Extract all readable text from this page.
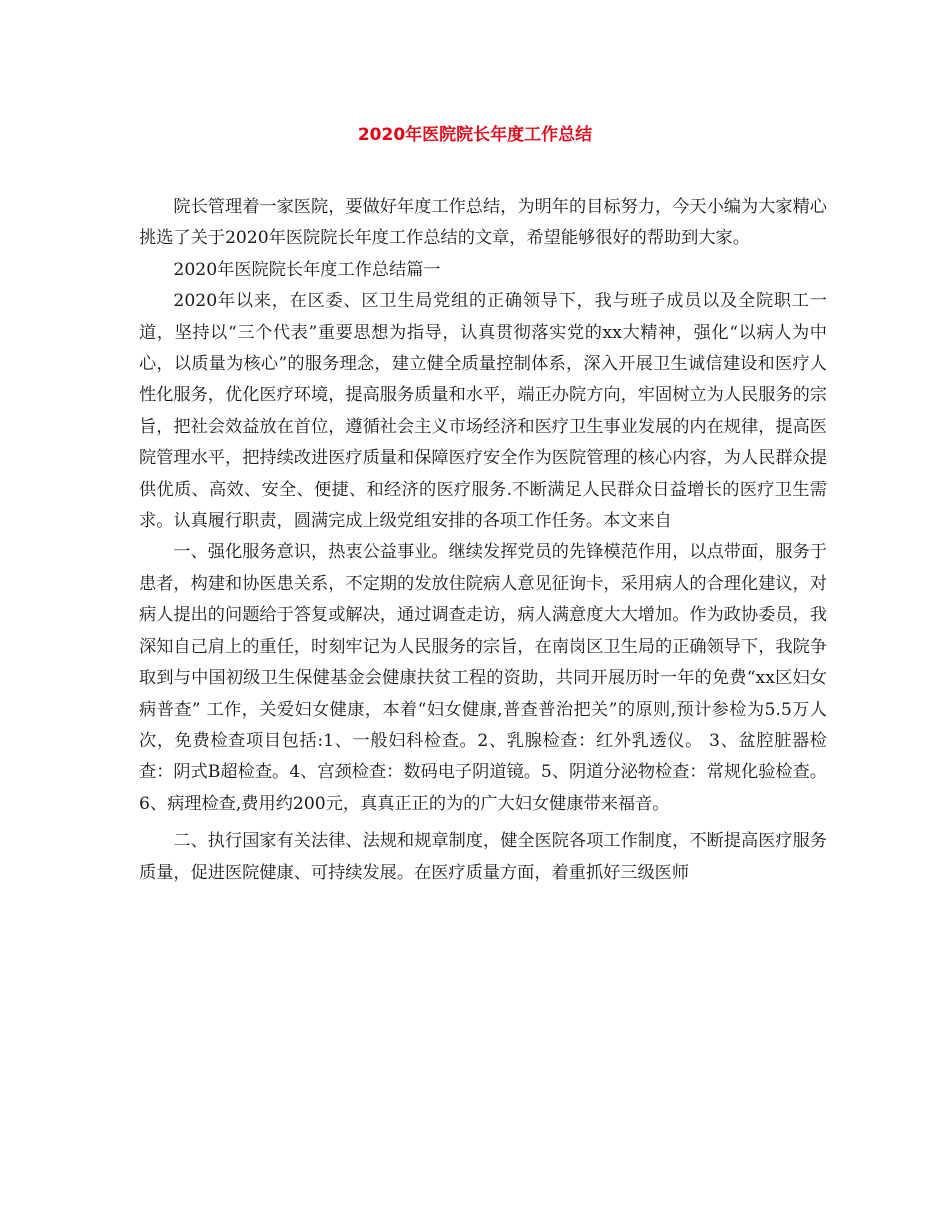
2020年医院院长年度工作总结

院长管理着一家医院，要做好年度工作总结，为明年的目标努力，今天小编为大家精心挑选了关于2020年医院院长年度工作总结的文章，希望能够很好的帮助到大家。

2020年医院院长年度工作总结篇一

2020年以来，在区委、区卫生局党组的正确领导下，我与班子成员以及全院职工一道，坚持以“三个代表”重要思想为指导，认真贯彻落实党的xx大精神，强化“以病人为中心，以质量为核心”的服务理念，建立健全质量控制体系，深入开展卫生诚信建设和医疗人性化服务，优化医疗环境，提高服务质量和水平，端正办院方向，牢固树立为人民服务的宗旨，把社会效益放在首位，遵循社会主义市场经济和医疗卫生事业发展的内在规律，提高医院管理水平，把持续改进医疗质量和保障医疗安全作为医院管理的核心内容，为人民群众提供优质、高效、安全、便捷、和经济的医疗服务.不断满足人民群众日益增长的医疗卫生需求。认真履行职责，圆满完成上级党组安排的各项工作任务。本文来自

一、强化服务意识，热衷公益事业。继续发挥党员的先锋模范作用，以点带面，服务于患者，构建和协医患关系，不定期的发放住院病人意见征询卡，采用病人的合理化建议，对病人提出的问题给于答复或解决，通过调查走访，病人满意度大大增加。作为政协委员，我深知自己肩上的重任，时刻牢记为人民服务的宗旨，在南岗区卫生局的正确领导下，我院争取到与中国初级卫生保健基金会健康扶贫工程的资助，共同开展历时一年的免费“xx区妇女病普查” 工作，关爱妇女健康，本着“妇女健康,普查普治把关”的原则,预计参检为5.5万人次，免费检查项目包括:1、一般妇科检查。2、乳腺检查：红外乳透仪。 3、盆腔脏器检查：阴式B超检查。4、宫颈检查：数码电子阴道镜。5、阴道分泌物检查：常规化验检查。6、病理检查,费用约200元，真真正正的为的广大妇女健康带来福音。

二、执行国家有关法律、法规和规章制度，健全医院各项工作制度，不断提高医疗服务质量，促进医院健康、可持续发展。在医疗质量方面，着重抓好三级医师
